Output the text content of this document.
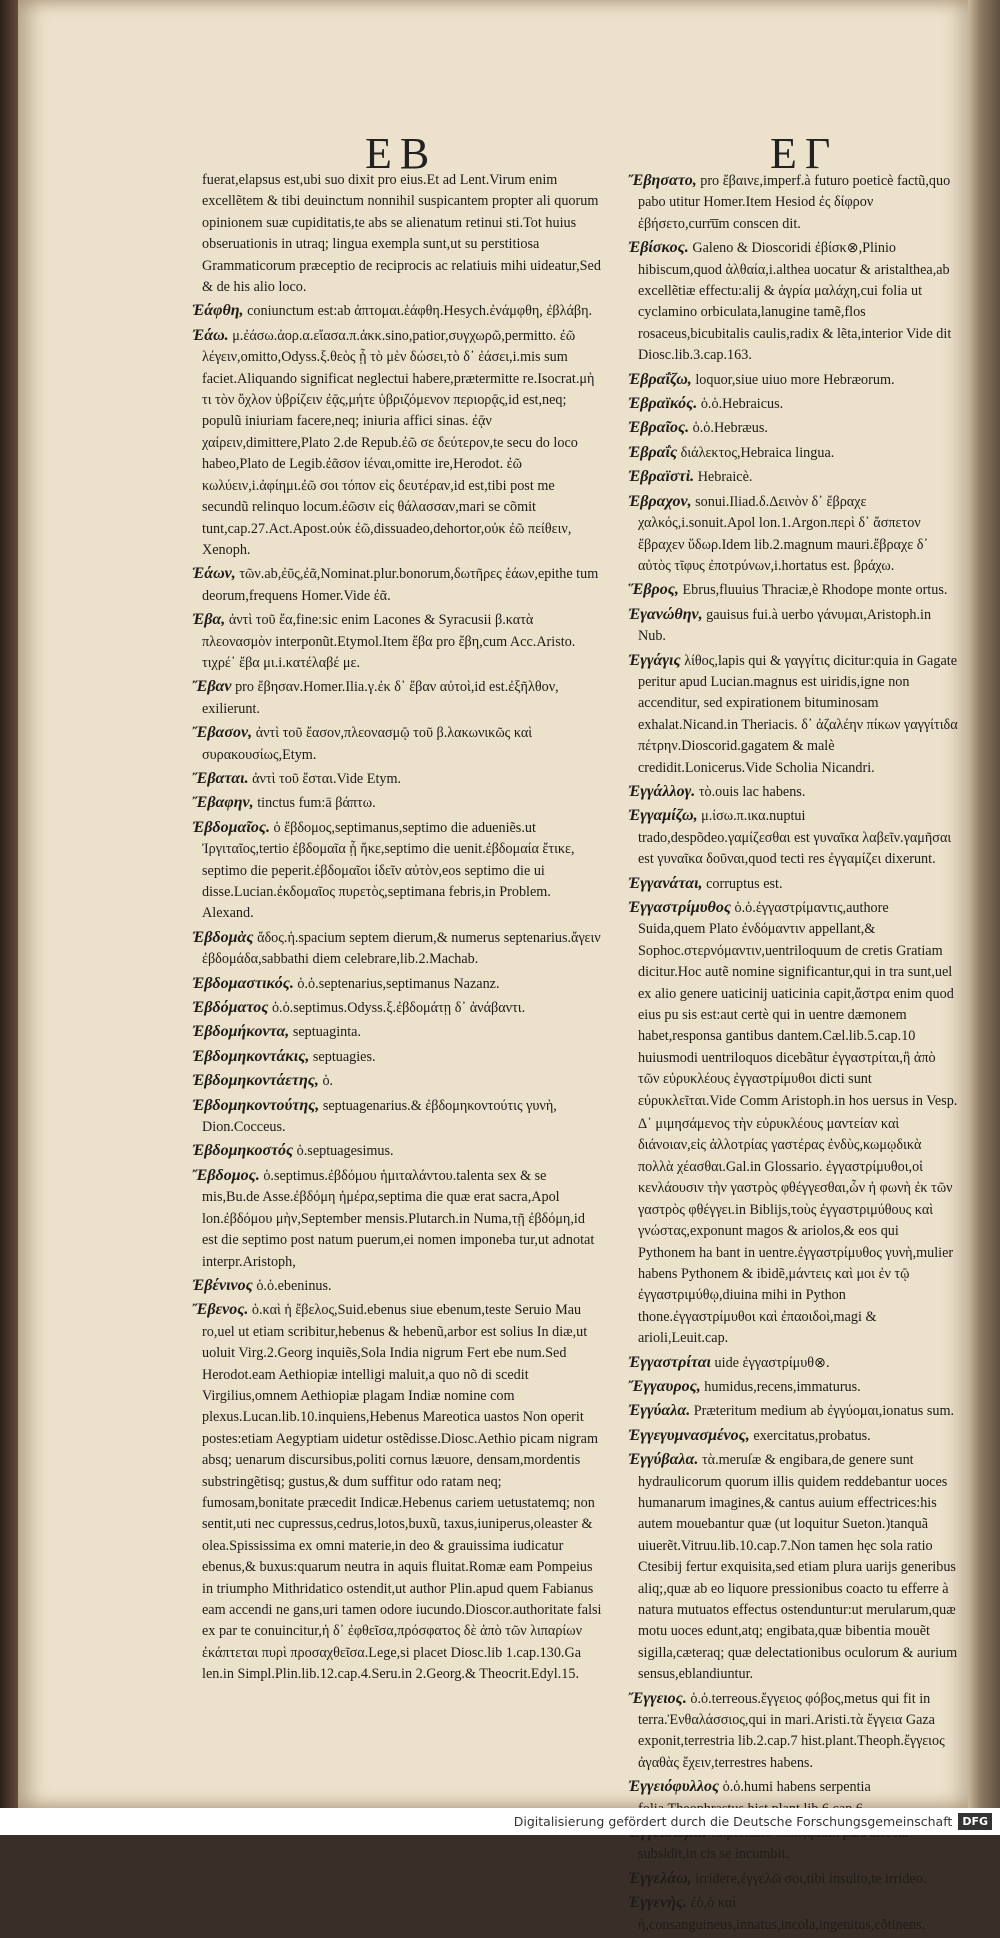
EB	ΕΓ
fuerat,elapsus est,ubi suo dixit pro eius.Et ad Lent.Virum enim excellẽtem & tibi deuinctum nonnihil suspicantem propter ali quorum opinionem suæ cupiditatis,te abs se alienatum retinui sti.Tot huius obseruationis in utraq; lingua exempla sunt,ut su perstitiosa Grammaticorum præceptio de reciprocis ac relatiuis mihi uideatur,Sed & de his alio loco.
Ἑάφθη, coniunctum est:ab ἀπτομαι.ἑάφθη.Hesych.ἐνάμφθη, ἐβλάβη.
Ἐάω. μ.ἐάσω.ἀορ.α.εἴασα.π.ἀκκ.sino,patior,συγχωρῶ,permitto. ἐῶ λέγειν,omitto,Odyss.ξ.θεὸς ᾗ τὸ μὲν δώσει,τὸ δ᾽ ἐάσει,i.mis sum faciet.Aliquando significat neglectui habere,prætermitte re.Isocrat.μὴ τι τὸν ὄχλον ὑβρίζειν ἐᾷς,μήτε ὑβριζόμενον περιορᾷς,id est,neq; populũ iniuriam facere,neq; iniuria affici sinas. ἐᾷν χαίρειν,dimittere,Plato 2.de Repub.ἐῶ σε δεύτερον,te secu do loco habeo,Plato de Legib.ἐᾶσον ἰέναι,omitte ire,Herodot. ἐῶ κωλύειν,i.ἀφίημι.ἐῶ σοι τόπον εἰς δευτέραν,id est,tibi post me secundũ relinquo locum.ἐῶσιν εἰς θάλασσαν,mari se cõmit tunt,cap.27.Act.Apost.οὐκ ἐῶ,dissuadeo,dehortor,οὐκ ἐῶ πείθειν, Xenoph.
Ἑάων, τῶν.ab,ἐῦς,ἐᾶ,Nominat.plur.bonorum,δωτῆρες ἑάων,epithe tum deorum,frequens Homer.Vide ἐᾶ.
Ἐβα, ἀντὶ τοῦ ἔα,fine:sic enim Lacones & Syracusii β.κατὰ πλεονασμὸν interponũt.Etymol.Item ἔβα pro ἔβη,cum Acc.Aristo. τιχρέ᾽ ἔβα μι.i.κατέλαβέ με.
Ἔβαν pro ἔβησαν.Homer.Ilia.γ.ἐκ δ᾽ ἔβαν αὐτοὶ,id est.ἐξῆλθον, exilierunt.
Ἔβασον, ἀντὶ τοῦ ἔασον,πλεονασμῷ τοῦ β.λακωνικῶς καὶ συρακουσίως,Etym.
Ἔβαται. ἀντὶ τοῦ ἔσται.Vide Etym.
Ἔβαφην, tinctus fum:ā βάπτω.
Ἐβδομαῖος. ὁ ἔβδομος,septimanus,septimo die adueniẽs.ut Ἰργιταῖος,tertio ἐβδομαῖα ᾗ ἥκε,septimo die uenit.ἐβδομαία ἔτικε, septimo die peperit.ἐβδομαῖοι ἰδεῖν αὐτὸν,eos septimo die ui disse.Lucian.ἐκδομαῖος πυρετὸς,septimana febris,in Problem. Alexand.
Ἐβδομὰς ἄδος.ἡ.spacium septem dierum,& numerus septenarius.ἄγειν ἐβδομάδα,sabbathi diem celebrare,lib.2.Machab.
Ἐβδομαστικός. ὁ.ὁ.septenarius,septimanus Nazanz.
Ἐβδόματος ὁ.ὁ.septimus.Odyss.ξ.ἐβδομάτῃ δ᾽ ἀνάβαντι.
Ἐβδομήκοντα, septuaginta.
Ἐβδομηκοντάκις, septuagies.
Ἐβδομηκοντάετης, ὁ.
Ἐβδομηκοντούτης, septuagenarius.& ἐβδομηκοντούτις γυνὴ, Dion.Cocceus.
Ἐβδομηκοστός ὁ.septuagesimus.
Ἔβδομος. ὁ.septimus.ἐβδόμου ἡμιταλάντου.talenta sex & se mis,Bu.de Asse.ἐβδόμη ἡμέρα,septima die quæ erat sacra,Apol lon.ἐβδόμου μὴν,September mensis.Plutarch.in Numa,τῇ ἐβδόμη,id est die septimo post natum puerum,ei nomen imponeba tur,ut adnotat interpr.Aristoph,
Ἐβένινος ὁ.ὁ.ebeninus.
Ἔβενος. ὁ.καὶ ἡ ἔβελος,Suid.ebenus siue ebenum,teste Seruio Mau ro,uel ut etiam scribitur,hebenus & hebenũ,arbor est solius In diæ,ut uoluit Virg.2.Georg inquiẽs,Sola India nigrum Fert ebe num.Sed Herodot.eam Aethiopiæ intelligi maluit,a quo nõ di scedit Virgilius,omnem Aethiopiæ plagam Indiæ nomine com plexus.Lucan.lib.10.inquiens,Hebenus Mareotica uastos Non operit postes:etiam Aegyptiam uidetur ostẽdisse.Diosc.Aethio picam nigram absq; uenarum discursibus,politi cornus læuore, densam,mordentis substringẽtisq; gustus,& dum suffitur odo ratam neq; fumosam,bonitate præcedit Indicæ.Hebenus cariem uetustatemq; non sentit,uti nec cupressus,cedrus,lotos,buxũ, taxus,iuniperus,oleaster & olea.Spississima ex omni materie,in deo & grauissima iudicatur ebenus,& buxus:quarum neutra in aquis fluitat.Romæ eam Pompeius in triumpho Mithridatico ostendit,ut author Plin.apud quem Fabianus eam accendi ne gans,uri tamen odore iucundo.Dioscor.authoritate falsi ex par te conuincitur,ἡ δ᾽ ἐφθεῖσα,πρόσφατος δὲ ἀπὸ τῶν λιπαρίων ἐκάπτεται πυρὶ προσαχθεῖσα.Lege,si placet Diosc.lib 1.cap.130.Ga len.in Simpl.Plin.lib.12.cap.4.Seru.in 2.Georg.& Theocrit.Edyl.15.
Ἔβησατο, pro ἔβαινε,imperf.à futuro poeticè factũ,quo pabo utitur Homer.Item Hesiod ἐς δίφρον ἐβήσετο,curr͞um conscen dit.
Ἐβίσκος. Galeno & Dioscoridi ἐβίσκ⊗,Plinio hibiscum,quod ἀλθαία,i.althea uocatur & aristalthea,ab excellẽtiæ effectu:alij & ἀγρία μαλάχη,cui folia ut cyclamino orbiculata,lanugine tamẽ,flos rosaceus,bicubitalis caulis,radix & lẽta,interior Vide dit Diosc.lib.3.cap.163.
Ἐβραΐζω, loquor,siue uiuo more Hebræorum.
Ἐβραϊκός. ὁ.ὁ.Hebraicus.
Ἐβραῖος. ὁ.ὁ.Hebræus.
Ἐβραΐς διάλεκτος,Hebraica lingua.
Ἐβραϊστὶ. Hebraicè.
Ἐβραχον, sonui.Iliad.δ.Δεινὸν δ᾽ ἔβραχε χαλκός,i.sonuit.Apol lon.1.Argon.περὶ δ᾽ ἄσπετον ἔβραχεν ὕδωρ.Idem lib.2.magnum mauri.ἔβραχε δ᾽ αὐτὸς τῖφυς ἐποτρύνων,i.hortatus est. βράχω.
Ἕβρος, Ebrus,fluuius Thraciæ,è Rhodope monte ortus.
Ἐγανώθην, gauisus fui.à uerbo γάνυμαι,Aristoph.in Nub.
Ἐγγάγις λίθος,lapis qui & γαγγίτις dicitur:quia in Gagate peritur apud Lucian.magnus est uiridis,igne non accenditur, sed expirationem bituminosam exhalat.Nicand.in Theriacis. δ᾽ ἀζαλέην πίκων γαγγίτιδα πέτρην.Dioscorid.gagatem & malè credidit.Lonicerus.Vide Scholia Nicandri.
Ἐγγάλλογ. τὸ.ouis lac habens.
Ἐγγαμίζω, μ.ίσω.π.ικα.nuptui trado,despõdeo.γαμίζεσθαι est γυναῖκα λαβεῖν.γαμῆσαι est γυναῖκα δοῦναι,quod tecti res ἐγγαμίζει dixerunt.
Ἐγγανάται, corruptus est.
Ἐγγαστρίμυθος ὁ.ὁ.ἐγγαστρίμαντις,authore Suida,quem Plato ἐνδόμαντιν appellant,& Sophoc.στερνόμαντιν,uentriloquum de cretis Gratiam dicitur.Hoc autẽ nomine significantur,qui in tra sunt,uel ex alio genere uaticinij uaticinia capit,ἄστρα enim quod eius pu sis est:aut certè qui in uentre dæmonem habet,responsa gantibus dantem.Cæl.lib.5.cap.10 huiusmodi uentriloquos dicebãtur ἐγγαστρίται,ἢ ἀπὸ τῶν εὐρυκλέους ἐγγαστρίμυθοι dicti sunt εὐρυκλεῖται.Vide Comm Aristoph.in hos uersus in Vesp.
Δ᾽ μιμησάμενος τὴν εὐρυκλέους μαντείαν καὶ διάνοιαν,εἰς ἀλλοτρίας γαστέρας ἐνδὺς,κωμῳδικὰ πολλὰ χέασθαι.Gal.in Glossario. ἐγγαστρίμυθοι,οἱ κενλάουσιν τὴν γαστρὸς φθέγγεσθαι,ὧν ἡ φωνὴ ἐκ τῶν γαστρὸς φθέγγει.in Biblijs,τοὺς ἐγγαστριμύθους καὶ γνώστας,exponunt magos & ariolos,& eos qui Pythonem ha bant in uentre.ἐγγαστρίμυθος γυνὴ,mulier habens Pythonem & ibidẽ,μάντεις καὶ μοι ἐν τῷ ἐγγαστριμύθῳ,diuina mihi in Python thone.ἐγγαστρίμυθοι καὶ ἐπαοιδοὶ,magi & arioli,Leuit.cap.
Ἐγγαστρίται uide ἐγγαστρίμυθ⊗.
Ἔγγαυρος, humidus,recens,immaturus.
Ἐγγύαλα. Præteritum medium ab ἐγγύομαι,ionatus sum.
Ἐγγεγυμνασμένος, exercitatus,probatus.
Ἐγγύβαλα. τὰ.meruſæ & engibara,de genere sunt hydraulicorum quorum illis quidem reddebantur uoces humanarum imagines,& cantus auium effectrices:his autem mouebantur quæ (ut loquitur Sueton.)tanquã uiuerẽt.Vitruu.lib.10.cap.7.Non tamen hęc sola ratio Ctesibij fertur exquisita,sed etiam plura uarijs generibus aliq;,quæ ab eo liquore pressionibus coacto tu efferre à natura mutuatos effectus ostenduntur:ut merularum,quæ motu uoces edunt,atq; engibata,quæ bibentia mouẽt sigilla,cæteraq; quæ delectationibus oculorum & aurium sensus,eblandiuntur.
Ἔγγειος. ὁ.ὁ.terreous.ἔγγειος φόβος,metus qui fit in terra.Ἐνθαλάσσιος,qui in mari.Aristi.τὰ ἔγγεια Gaza exponit,terrestria lib.2.cap.7 hist.plant.Theoph.ἔγγειος ἀγαθὰς ἔχειν,terrestres habens.
Ἐγγειόφυλλος ὁ.ὁ.humi habens serpentia
subsidit,in cis se incumbit.
Ἐγγελάω, irridere,ἐγγελῶ σοι,tibi insulto,te irrideo.
Ἐγγενὴς. ἐὸ,ὁ καὶ ἡ,consanguineus,innatus,incola,ingenitus,cõtinens.
Digitalisierung gefördert durch die Deutsche Forschungsgemeinschaft DFG
